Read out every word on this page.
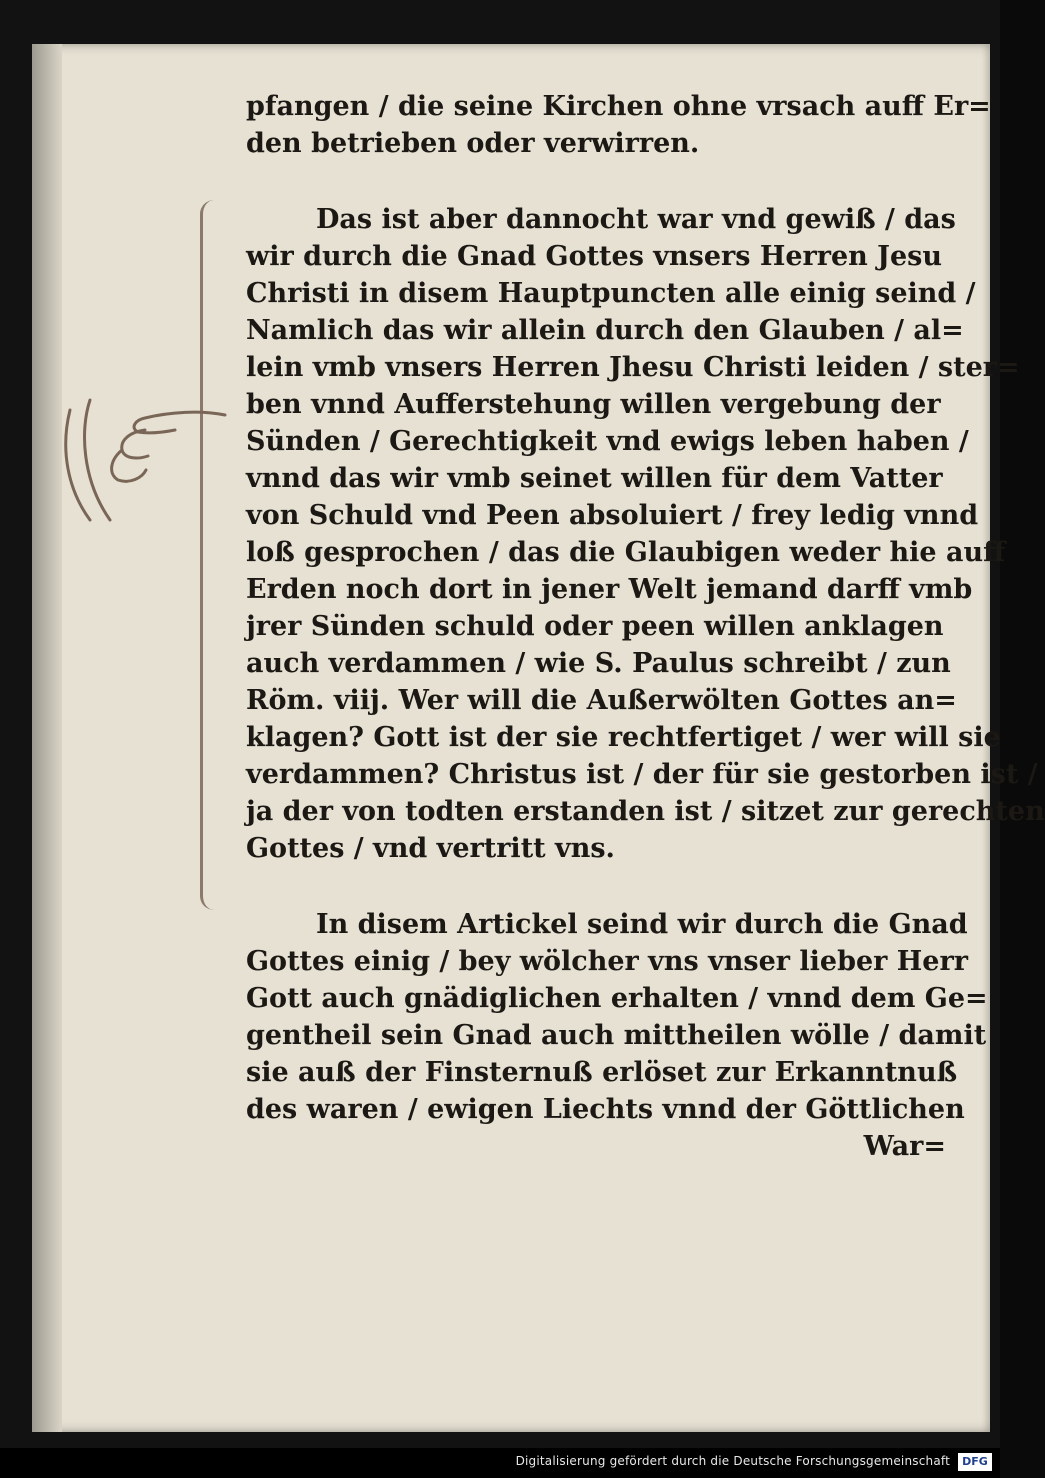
pfangen / die seine Kirchen ohne vrsach auff Er=
den betrieben oder verwirren.
Das ist aber dannocht war vnd gewiß / das
wir durch die Gnad Gottes vnsers Herren Jesu
Christi in disem Hauptpuncten alle einig seind /
Namlich das wir allein durch den Glauben / al=
lein vmb vnsers Herren Jhesu Christi leiden / ster=
ben vnnd Aufferstehung willen vergebung der
Sünden / Gerechtigkeit vnd ewigs leben haben /
vnnd das wir vmb seinet willen für dem Vatter
von Schuld vnd Peen absoluiert / frey ledig vnnd
loß gesprochen / das die Glaubigen weder hie auff
Erden noch dort in jener Welt jemand darff vmb
jrer Sünden schuld oder peen willen anklagen
auch verdammen / wie S. Paulus schreibt / zun
Röm. viij. Wer will die Außerwölten Gottes an=
klagen? Gott ist der sie rechtfertiget / wer will sie
verdammen? Christus ist / der für sie gestorben ist /
ja der von todten erstanden ist / sitzet zur gerechten
Gottes / vnd vertritt vns.
In disem Artickel seind wir durch die Gnad
Gottes einig / bey wölcher vns vnser lieber Herr
Gott auch gnädiglichen erhalten / vnnd dem Ge=
gentheil sein Gnad auch mittheilen wölle / damit
sie auß der Finsternuß erlöset zur Erkanntnuß
des waren / ewigen Liechts vnnd der Göttlichen
War=
Digitalisierung gefördert durch die Deutsche Forschungsgemeinschaft	DFG
